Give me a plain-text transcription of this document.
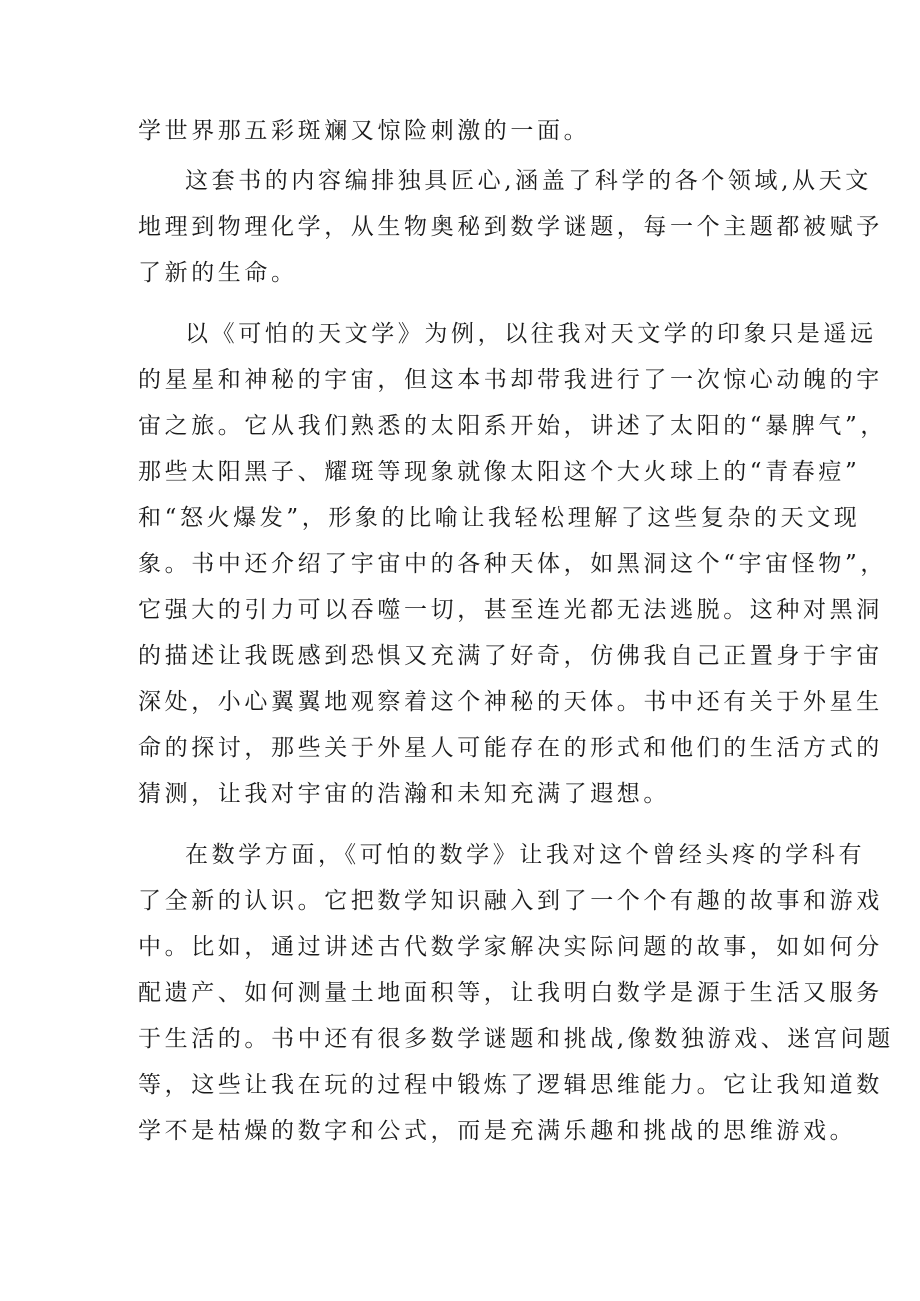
学世界那五彩斑斓又惊险刺激的一面。
这套书的内容编排独具匠心,涵盖了科学的各个领域,从天文
地理到物理化学，从生物奥秘到数学谜题，每一个主题都被赋予
了新的生命。
以《可怕的天文学》为例，以往我对天文学的印象只是遥远
的星星和神秘的宇宙，但这本书却带我进行了一次惊心动魄的宇
宙之旅。它从我们熟悉的太阳系开始，讲述了太阳的“暴脾气”，
那些太阳黑子、耀斑等现象就像太阳这个大火球上的“青春痘”
和“怒火爆发”，形象的比喻让我轻松理解了这些复杂的天文现
象。书中还介绍了宇宙中的各种天体，如黑洞这个“宇宙怪物”，
它强大的引力可以吞噬一切，甚至连光都无法逃脱。这种对黑洞
的描述让我既感到恐惧又充满了好奇，仿佛我自己正置身于宇宙
深处，小心翼翼地观察着这个神秘的天体。书中还有关于外星生
命的探讨，那些关于外星人可能存在的形式和他们的生活方式的
猜测，让我对宇宙的浩瀚和未知充满了遐想。
在数学方面，《可怕的数学》让我对这个曾经头疼的学科有
了全新的认识。它把数学知识融入到了一个个有趣的故事和游戏
中。比如，通过讲述古代数学家解决实际问题的故事，如如何分
配遗产、如何测量土地面积等，让我明白数学是源于生活又服务
于生活的。书中还有很多数学谜题和挑战,像数独游戏、迷宫问题
等，这些让我在玩的过程中锻炼了逻辑思维能力。它让我知道数
学不是枯燥的数字和公式，而是充满乐趣和挑战的思维游戏。
